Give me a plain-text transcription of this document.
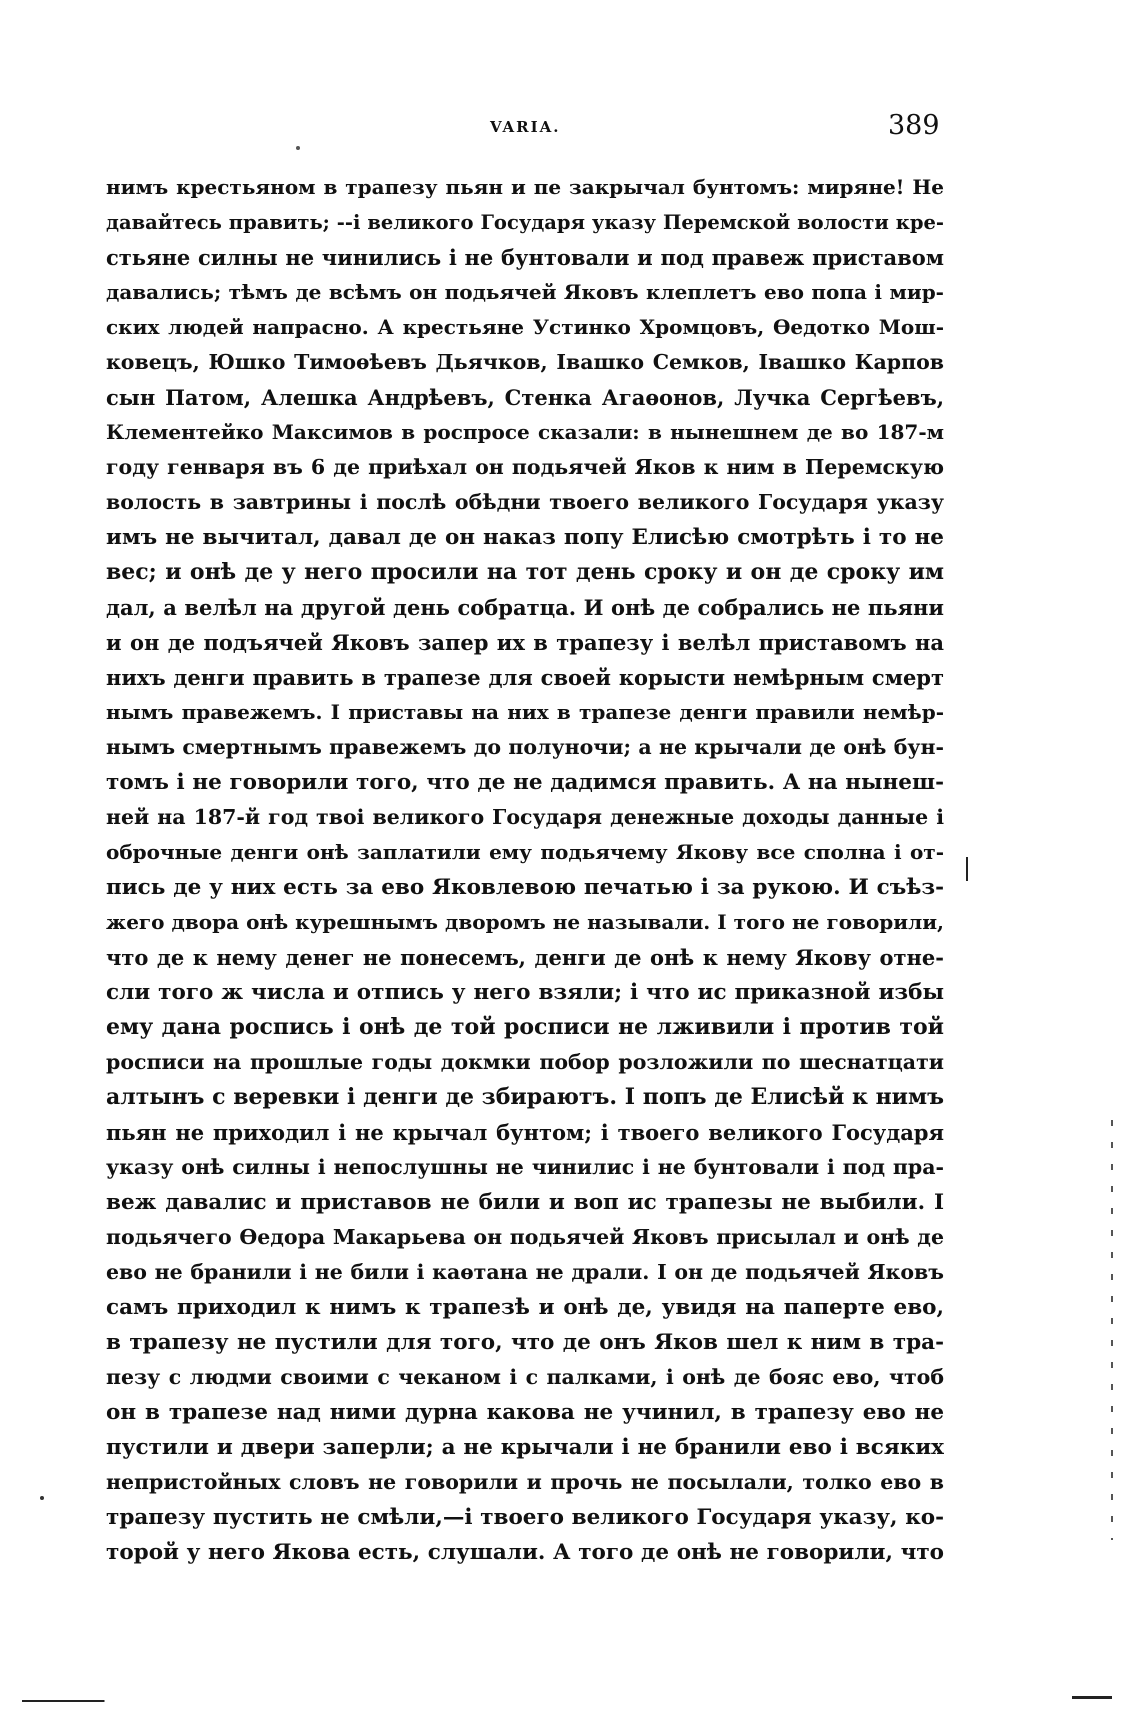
VARIA.	389
нимъ крестьяном в трапезу пьян и пе закрычал бунтомъ: миряне! Не
давайтесь править; --і великого Государя указу Перемской волости кре-
стьяне силны не чинились і не бунтовали и под правеж приставом
давались; тѣмъ де всѣмъ он подьячей Яковъ клеплетъ ево попа і мир-
ских людей напрасно. А крестьяне Устинко Хромцовъ, Ѳедотко Мош-
ковецъ, Юшко Тимоѳѣевъ Дьячков, Івашко Семков, Івашко Карпов
сын Патом, Алешка Андрѣевъ, Стенка Агаѳонов, Лучка Сергѣевъ,
Клементейко Максимов в роспросе сказали: в нынешнем де во 187-м
году генваря въ 6 де приѣхал он подьячей Яков к ним в Перемскую
волость в завтрины і послѣ обѣдни твоего великого Государя указу
имъ не вычитал, давал де он наказ попу Елисѣю смотрѣть і то не
вес; и онѣ де у него просили на тот день сроку и он де сроку им
дал, а велѣл на другой день собратца. И онѣ де собрались не пьяни
и он де подъячей Яковъ запер их в трапезу і велѣл приставомъ на
нихъ денги править в трапезе для своей корысти немѣрным смерт
нымъ правежемъ. І приставы на них в трапезе денги правили немѣр-
нымъ смертнымъ правежемъ до полуночи; а не крычали де онѣ бун-
томъ і не говорили того, что де не дадимся править. А на нынеш-
ней на 187-й год твоі великого Государя денежные доходы данные і
оброчные денги онѣ заплатили ему подьячему Якову все сполна і от-
пись де у них есть за ево Яковлевою печатью і за рукою. И съѣз-
жего двора онѣ курешнымъ дворомъ не называли. І того не говорили,
что де к нему денег не понесемъ, денги де онѣ к нему Якову отне-
сли того ж числа и отпись у него взяли; і что ис приказной избы
ему дана роспись і онѣ де той росписи не лживили і против той
росписи на прошлые годы докмки побор розложили по шеснатцати
алтынъ с веревки і денги де збираютъ. І попъ де Елисѣй к нимъ
пьян не приходил і не крычал бунтом; і твоего великого Государя
указу онѣ силны і непослушны не чинилис і не бунтовали і под пра-
веж давалис и приставов не били и воп ис трапезы не выбили. І
подьячего Ѳедора Макарьева он подьячей Яковъ присылал и онѣ де
ево не бранили і не били і каѳтана не драли. І он де подьячей Яковъ
самъ приходил к нимъ к трапезѣ и онѣ де, увидя на паперте ево,
в трапезу не пустили для того, что де онъ Яков шел к ним в тра-
пезу с людми своими с чеканом і с палками, і онѣ де бояс ево, чтоб
он в трапезе над ними дурна какова не учинил, в трапезу ево не
пустили и двери заперли; а не крычали і не бранили ево і всяких
непристойных словъ не говорили и прочь не посылали, толко ево в
трапезу пустить не смѣли,—і твоего великого Государя указу, ко-
торой у него Якова есть, слушали. А того де онѣ не говорили, что
